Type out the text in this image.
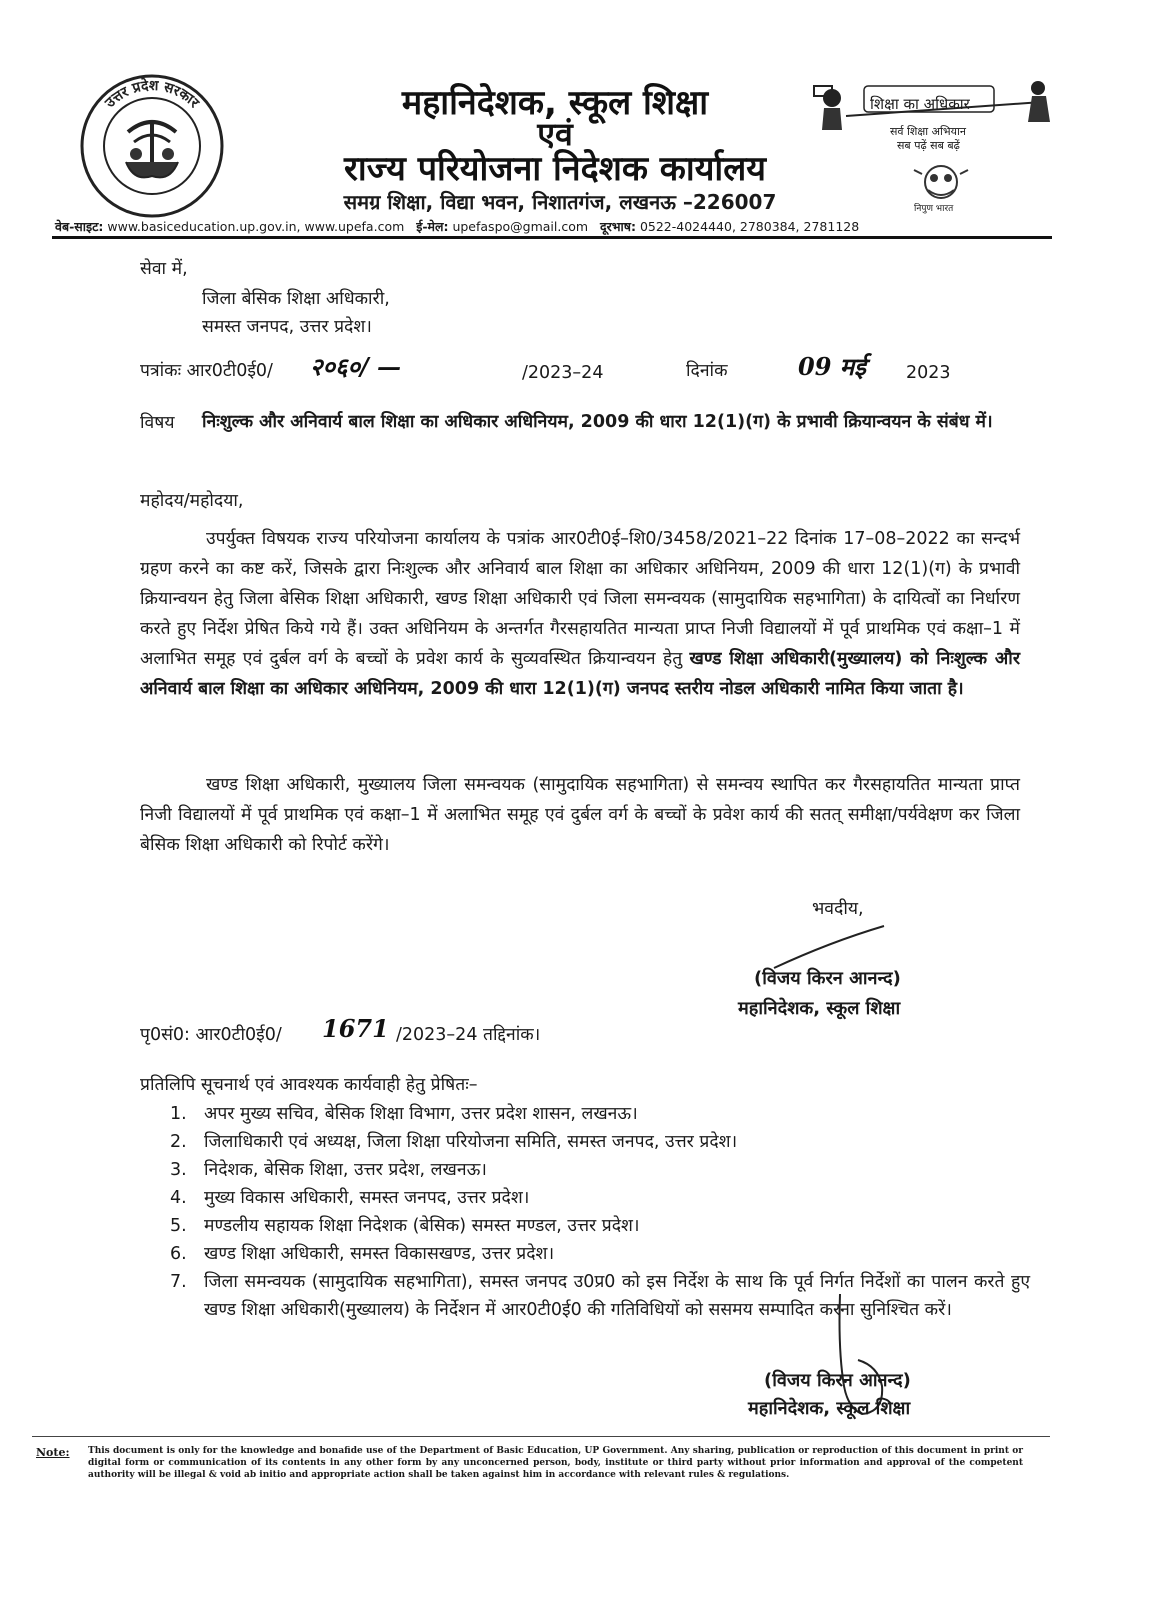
उत्तर प्रदेश सरकार	महानिदेशक, स्कूल शिक्षा
एवं
राज्य परियोजना निदेशक कार्यालय
समग्र शिक्षा, विद्या भवन, निशातगंज, लखनऊ –226007
शिक्षा का अधिकार
सर्व शिक्षा अभियान
सब पढ़ें सब बढ़ें
निपुण भारत
वेब-साइट: www.basiceducation.up.gov.in, www.upefa.com ई-मेल: upefaspo@gmail.com दूरभाष: 0522-4024440, 2780384, 2781128
सेवा में,
जिला बेसिक शिक्षा अधिकारी,
समस्त जनपद, उत्तर प्रदेश।
पत्रांकः आर0टी0ई0/ २०६०/ —	/2023–24	दिनांक	09 मई 2023
विषय निःशुल्क और अनिवार्य बाल शिक्षा का अधिकार अधिनियम, 2009 की धारा 12(1)(ग) के प्रभावी क्रियान्वयन के संबंध में।
महोदय/महोदया,
उपर्युक्त विषयक राज्य परियोजना कार्यालय के पत्रांक आर0टी0ई–शि0/3458/2021–22 दिनांक 17–08–2022 का सन्दर्भ ग्रहण करने का कष्ट करें, जिसके द्वारा निःशुल्क और अनिवार्य बाल शिक्षा का अधिकार अधिनियम, 2009 की धारा 12(1)(ग) के प्रभावी क्रियान्वयन हेतु जिला बेसिक शिक्षा अधिकारी, खण्ड शिक्षा अधिकारी एवं जिला समन्वयक (सामुदायिक सहभागिता) के दायित्वों का निर्धारण करते हुए निर्देश प्रेषित किये गये हैं। उक्त अधिनियम के अन्तर्गत गैरसहायतित मान्यता प्राप्त निजी विद्यालयों में पूर्व प्राथमिक एवं कक्षा–1 में अलाभित समूह एवं दुर्बल वर्ग के बच्चों के प्रवेश कार्य के सुव्यवस्थित क्रियान्वयन हेतु खण्ड शिक्षा अधिकारी(मुख्यालय) को निःशुल्क और अनिवार्य बाल शिक्षा का अधिकार अधिनियम, 2009 की धारा 12(1)(ग) जनपद स्तरीय नोडल अधिकारी नामित किया जाता है।
खण्ड शिक्षा अधिकारी, मुख्यालय जिला समन्वयक (सामुदायिक सहभागिता) से समन्वय स्थापित कर गैरसहायतित मान्यता प्राप्त निजी विद्यालयों में पूर्व प्राथमिक एवं कक्षा–1 में अलाभित समूह एवं दुर्बल वर्ग के बच्चों के प्रवेश कार्य की सतत् समीक्षा/पर्यवेक्षण कर जिला बेसिक शिक्षा अधिकारी को रिपोर्ट करेंगे।
भवदीय,
(विजय किरन आनन्द)
महानिदेशक, स्कूल शिक्षा
पृ0सं0: आर0टी0ई0/ 1671 /2023–24 तद्दिनांक।
प्रतिलिपि सूचनार्थ एवं आवश्यक कार्यवाही हेतु प्रेषितः–
1. अपर मुख्य सचिव, बेसिक शिक्षा विभाग, उत्तर प्रदेश शासन, लखनऊ।
2. जिलाधिकारी एवं अध्यक्ष, जिला शिक्षा परियोजना समिति, समस्त जनपद, उत्तर प्रदेश।
3. निदेशक, बेसिक शिक्षा, उत्तर प्रदेश, लखनऊ।
4. मुख्य विकास अधिकारी, समस्त जनपद, उत्तर प्रदेश।
5. मण्डलीय सहायक शिक्षा निदेशक (बेसिक) समस्त मण्डल, उत्तर प्रदेश।
6. खण्ड शिक्षा अधिकारी, समस्त विकासखण्ड, उत्तर प्रदेश।
7. जिला समन्वयक (सामुदायिक सहभागिता), समस्त जनपद उ0प्र0 को इस निर्देश के साथ कि पूर्व निर्गत निर्देशों का पालन करते हुए खण्ड शिक्षा अधिकारी(मुख्यालय) के निर्देशन में आर0टी0ई0 की गतिविधियों को ससमय सम्पादित करना सुनिश्चित करें।
(विजय किरन आनन्द)
महानिदेशक, स्कूल शिक्षा
Note: This document is only for the knowledge and bonafide use of the Department of Basic Education, UP Government. Any sharing, publication or reproduction of this document in print or digital form or communication of its contents in any other form by any unconcerned person, body, institute or third party without prior information and approval of the competent authority will be illegal & void ab initio and appropriate action shall be taken against him in accordance with relevant rules & regulations.
